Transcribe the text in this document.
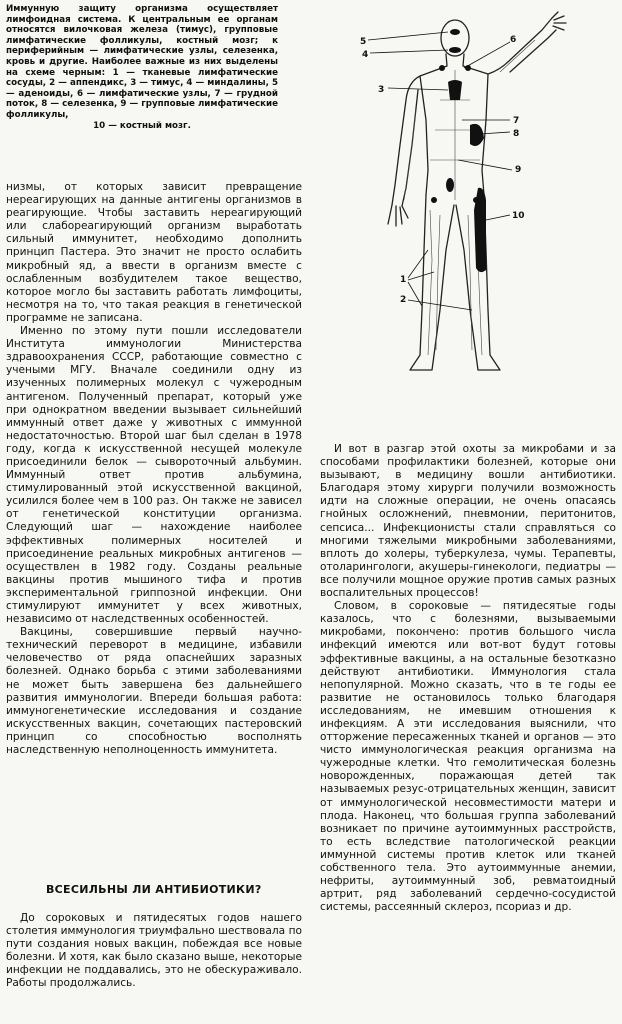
Иммунную защиту организма осуществляет лимфоидная система. К центральным ее органам относятся вилочковая железа (тимус), групповые лимфатические фолликулы, костный мозг; к периферийным — лимфатические узлы, селезенка, кровь и другие. Наиболее важные из них выделены на схеме черным: 1 — тканевые лимфатические сосуды, 2 — аппендикс, 3 — тимус, 4 — миндалины, 5 — аденоиды, 6 — лимфатические узлы, 7 — грудной поток, 8 — селезенка, 9 — групповые лимфатические фолликулы,
10 — костный мозг.
5
4
6
3
7
8
9
10
1
2

низмы, от которых зависит превращение нереагирующих на данные антигены организмов в реагирующие. Чтобы заставить нереагирующий или слабореагирующий организм выработать сильный иммунитет, необходимо дополнить принцип Пастера. Это значит не просто ослабить микробный яд, а ввести в организм вместе с ослабленным возбудителем такое вещество, которое могло бы заставить работать лимфоциты, несмотря на то, что такая реакция в генетической программе не записана.

Именно по этому пути пошли исследователи Института иммунологии Министерства здравоохранения СССР, работающие совместно с учеными МГУ. Вначале соединили одну из изученных полимерных молекул с чужеродным антигеном. Полученный препарат, который уже при однократном введении вызывает сильнейший иммунный ответ даже у животных с иммунной недостаточностью. Второй шаг был сделан в 1978 году, когда к искусственной несущей молекуле присоединили белок — сывороточный альбумин. Иммунный ответ против альбумина, стимулированный этой искусственной вакциной, усилился более чем в 100 раз. Он также не зависел от генетической конституции организма. Следующий шаг — нахождение наиболее эффективных полимерных носителей и присоединение реальных микробных антигенов — осуществлен в 1982 году. Созданы реальные вакцины против мышиного тифа и против экспериментальной гриппозной инфекции. Они стимулируют иммунитет у всех животных, независимо от наследственных особенностей.

Вакцины, совершившие первый научно-технический переворот в медицине, избавили человечество от ряда опаснейших заразных болезней. Однако борьба с этими заболеваниями не может быть завершена без дальнейшего развития иммунологии. Впереди большая работа: иммуногенетические исследования и создание искусственных вакцин, сочетающих пастеровский принцип со способностью восполнять наследственную неполноценность иммунитета.

ВСЕСИЛЬНЫ ЛИ АНТИБИОТИКИ?

До сороковых и пятидесятых годов нашего столетия иммунология триумфально шествовала по пути создания новых вакцин, побеждая все новые болезни. И хотя, как было сказано выше, некоторые инфекции не поддавались, это не обескураживало. Работы продолжались.

И вот в разгар этой охоты за микробами и за способами профилактики болезней, которые они вызывают, в медицину вошли антибиотики. Благодаря этому хирурги получили возможность идти на сложные операции, не очень опасаясь гнойных осложнений, пневмонии, перитонитов, сепсиса... Инфекционисты стали справляться со многими тяжелыми микробными заболеваниями, вплоть до холеры, туберкулеза, чумы. Терапевты, отоларингологи, акушеры-гинекологи, педиатры — все получили мощное оружие против самых разных воспалительных процессов!

Словом, в сороковые — пятидесятые годы казалось, что с болезнями, вызываемыми микробами, покончено: против большого числа инфекций имеются или вот-вот будут готовы эффективные вакцины, а на остальные безотказно действуют антибиотики. Иммунология стала непопулярной. Можно сказать, что в те годы ее развитие не остановилось только благодаря исследованиям, не имевшим отношения к инфекциям. А эти исследования выяснили, что отторжение пересаженных тканей и органов — это чисто иммунологическая реакция организма на чужеродные клетки. Что гемолитическая болезнь новорожденных, поражающая детей так называемых резус-отрицательных женщин, зависит от иммунологической несовместимости матери и плода. Наконец, что большая группа заболеваний возникает по причине аутоиммунных расстройств, то есть вследствие патологической реакции иммунной системы против клеток или тканей собственного тела. Это аутоиммунные анемии, нефриты, аутоиммунный зоб, ревматоидный артрит, ряд заболеваний сердечно-сосудистой системы, рассеянный склероз, псориаз и др.
